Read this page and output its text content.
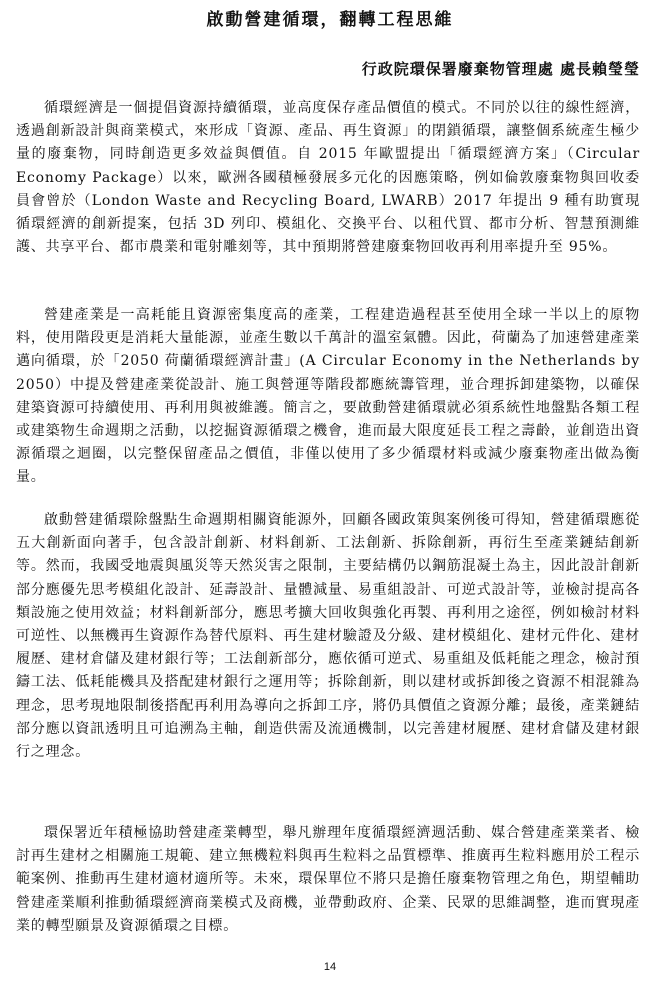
啟動營建循環，翻轉工程思維
行政院環保署廢棄物管理處 處長賴瑩瑩

循環經濟是一個提倡資源持續循環，並高度保存產品價值的模式。不同於以往的線性經濟，透過創新設計與商業模式，來形成「資源、產品、再生資源」的閉鎖循環，讓整個系統產生極少量的廢棄物，同時創造更多效益與價值。自 2015 年歐盟提出「循環經濟方案」（Circular Economy Package）以來，歐洲各國積極發展多元化的因應策略，例如倫敦廢棄物與回收委員會曾於（London Waste and Recycling Board, LWARB）2017 年提出 9 種有助實現循環經濟的創新提案，包括 3D 列印、模組化、交換平台、以租代買、都市分析、智慧預測維護、共享平台、都市農業和電射雕刻等，其中預期將營建廢棄物回收再利用率提升至 95%。

營建產業是一高耗能且資源密集度高的產業，工程建造過程甚至使用全球一半以上的原物料，使用階段更是消耗大量能源，並產生數以千萬計的溫室氣體。因此，荷蘭為了加速營建產業邁向循環，於「2050 荷蘭循環經濟計畫」(A Circular Economy in the Netherlands by 2050）中提及營建產業從設計、施工與營運等階段都應統籌管理，並合理拆卸建築物，以確保建築資源可持續使用、再利用與被維護。簡言之，要啟動營建循環就必須系統性地盤點各類工程或建築物生命週期之活動，以挖掘資源循環之機會，進而最大限度延長工程之壽齡，並創造出資源循環之迴圈，以完整保留產品之價值，非僅以使用了多少循環材料或減少廢棄物產出做為衡量。

啟動營建循環除盤點生命週期相關資能源外，回顧各國政策與案例後可得知，營建循環應從五大創新面向著手，包含設計創新、材料創新、工法創新、拆除創新，再衍生至產業鏈結創新等。然而，我國受地震與風災等天然災害之限制，主要結構仍以鋼筋混凝土為主，因此設計創新部分應優先思考模組化設計、延壽設計、量體減量、易重組設計、可逆式設計等，並檢討提高各類設施之使用效益；材料創新部分，應思考擴大回收與強化再製、再利用之途徑，例如檢討材料可逆性、以無機再生資源作為替代原料、再生建材驗證及分級、建材模組化、建材元件化、建材履歷、建材倉儲及建材銀行等；工法創新部分，應依循可逆式、易重組及低耗能之理念，檢討預鑄工法、低耗能機具及搭配建材銀行之運用等；拆除創新，則以建材或拆卸後之資源不相混雜為理念，思考現地限制後搭配再利用為導向之拆卸工序，將仍具價值之資源分離；最後，產業鏈結部分應以資訊透明且可追溯為主軸，創造供需及流通機制，以完善建材履歷、建材倉儲及建材銀行之理念。

環保署近年積極協助營建產業轉型，舉凡辦理年度循環經濟週活動、媒合營建產業業者、檢討再生建材之相關施工規範、建立無機粒料與再生粒料之品質標準、推廣再生粒料應用於工程示範案例、推動再生建材適材適所等。未來，環保單位不將只是擔任廢棄物管理之角色，期望輔助營建產業順利推動循環經濟商業模式及商機，並帶動政府、企業、民眾的思維調整，進而實現產業的轉型願景及資源循環之目標。

14
